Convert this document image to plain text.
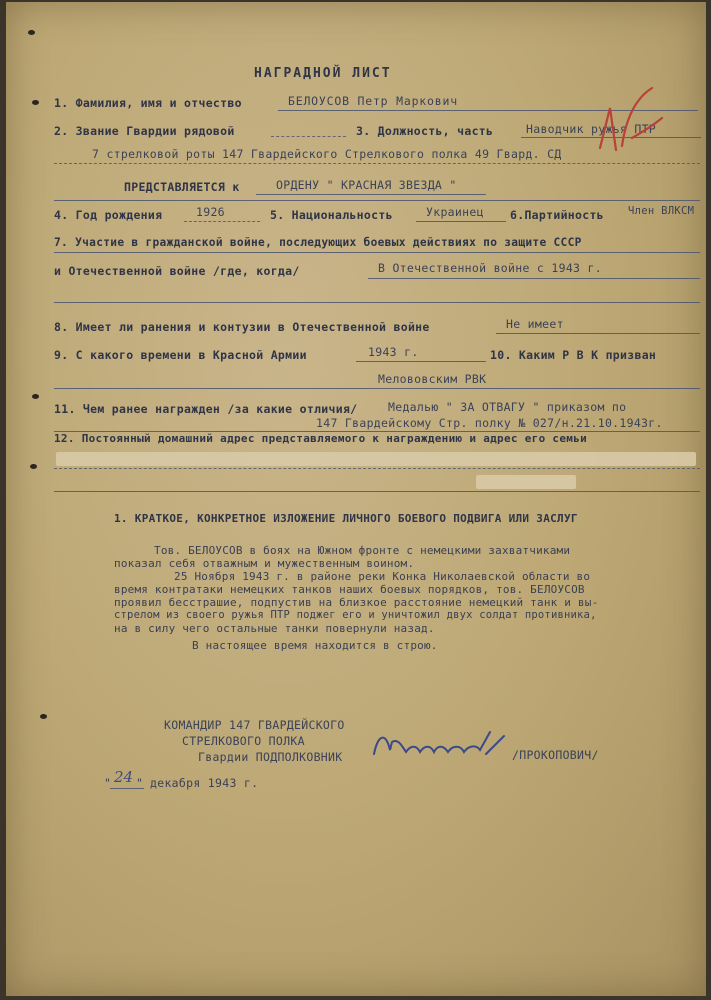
НАГРАДНОЙ ЛИСТ
1. Фамилия, имя и отчество	БЕЛОУСОВ Петр Маркович
2. Звание Гвардии рядовой	3. Должность, часть	Наводчик ружья ПТР
7 стрелковой роты 147 Гвардейского Стрелкового полка 49 Гвард. СД
ПРЕДСТАВЛЯЕТСЯ к	ОРДЕНУ " КРАСНАЯ ЗВЕЗДА "
4. Год рождения	1926	5. Национальность	Украинец 6.Партийность Член ВЛКСМ
7. Участие в гражданской войне, последующих боевых действиях по защите СССР
и Отечественной войне /где, когда/	В Отечественной войне с 1943 г.
8. Имеет ли ранения и контузии в Отечественной войне	Не имеет
9. С какого времени в Красной Армии	1943 г.	10. Каким Р В К призван
Мелововским РВК
11. Чем ранее награжден /за какие отличия/	Медалью " ЗА ОТВАГУ " приказом по
147 Гвардейскому Стр. полку № 027/н.21.10.1943г.
12. Постоянный домашний адрес представляемого к награждению и адрес его семьи
1. КРАТКОЕ, КОНКРЕТНОЕ ИЗЛОЖЕНИЕ ЛИЧНОГО БОЕВОГО ПОДВИГА ИЛИ ЗАСЛУГ
Тов. БЕЛОУСОВ в боях на Южном фронте с немецкими захватчиками
показал себя отважным и мужественным воином.
25 Ноября 1943 г. в районе реки Конка Николаевской области во
время контратаки немецких танков наших боевых порядков, тов. БЕЛОУСОВ
проявил бесстрашие, подпустив на близкое расстояние немецкий танк и вы-
стрелом из своего ружья ПТР поджег его и уничтожил двух солдат противника,
на в силу чего остальные танки повернули назад.
В настоящее время находится в строю.
КОМАНДИР 147 ГВАРДЕЙСКОГО
СТРЕЛКОВОГО ПОЛКА
Гвардии ПОДПОЛКОВНИК	/ПРОКОПОВИЧ/
" 24 " декабря 1943 г.
